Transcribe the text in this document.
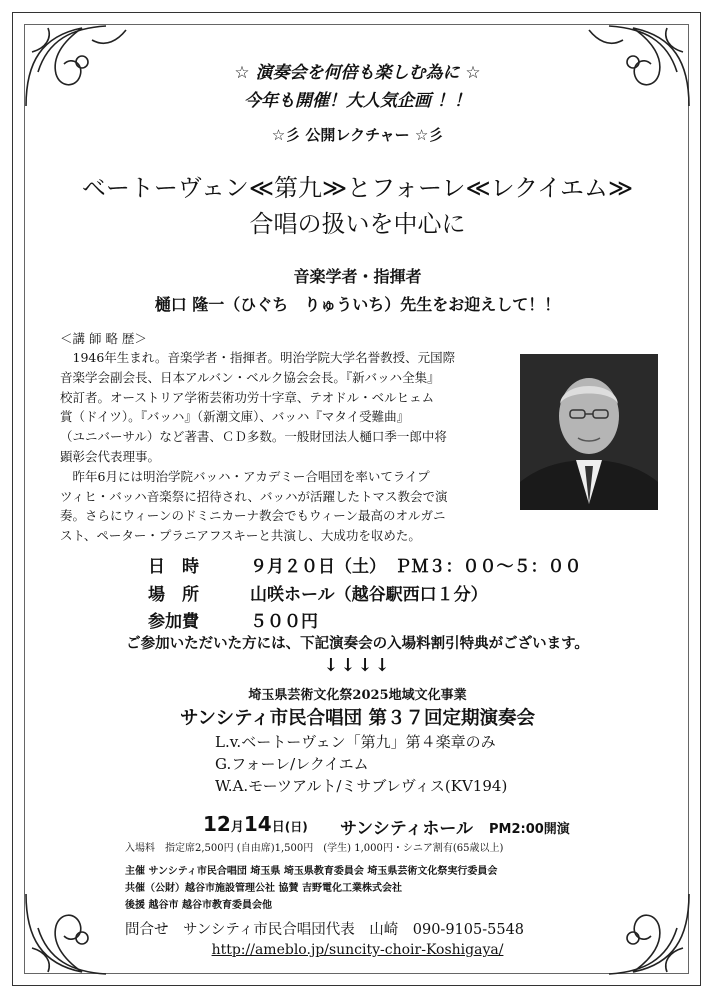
☆ 演奏会を何倍も楽しむ為に ☆
今年も開催！大人気企画 ！！
☆彡 公開レクチャー ☆彡
ベートーヴェン≪第九≫とフォーレ≪レクイエム≫
合唱の扱いを中心に
音楽学者・指揮者
樋口 隆一（ひぐち　りゅういち）先生をお迎えして！！
＜講 師 略 歴＞
　1946年生まれ。音楽学者・指揮者。明治学院大学名誉教授、元国際
音楽学会副会長、日本アルバン・ベルク協会会長。『新バッハ全集』
校訂者。オーストリア学術芸術功労十字章、テオドル・ベルヒェム
賞（ドイツ）。『バッハ』（新潮文庫）、バッハ『マタイ受難曲』
（ユニバーサル）など著書、ＣＤ多数。一般財団法人樋口季一郎中将
顕彰会代表理事。
　昨年6月には明治学院バッハ・アカデミー合唱団を率いてライプ
ツィヒ・バッハ音楽祭に招待され、バッハが活躍したトマス教会で演
奏。さらにウィーンのドミニカーナ教会でもウィーン最高のオルガニ
スト、ペーター・プラニアフスキーと共演し、大成功を収めた。
日　時	９月２０日（土）　ＰＭ３：００～５：００
場　所	山咲ホール（越谷駅西口１分）
参加費	５００円
ご参加いただいた方には、下記演奏会の入場料割引特典がございます。
↓↓↓↓
埼玉県芸術文化祭2025地域文化事業
サンシティ市民合唱団 第３７回定期演奏会
L.v.ベートーヴェン「第九」第４楽章のみ
G.フォーレ/レクイエム
W.A.モーツアルト/ミサブレヴィス(KV194)
12月14日(日) サンシティホール PM2:00開演
入場料　指定席2,500円 (自由席)1,500円　(学生) 1,000円・シニア割有(65歳以上)
主催 サンシティ市民合唱団 埼玉県 埼玉県教育委員会 埼玉県芸術文化祭実行委員会
共催（公財）越谷市施設管理公社 協賛 吉野電化工業株式会社
後援 越谷市 越谷市教育委員会他
問合せ　サンシティ市民合唱団代表　山崎　090-9105-5548
http://ameblo.jp/suncity-choir-Koshigaya/
